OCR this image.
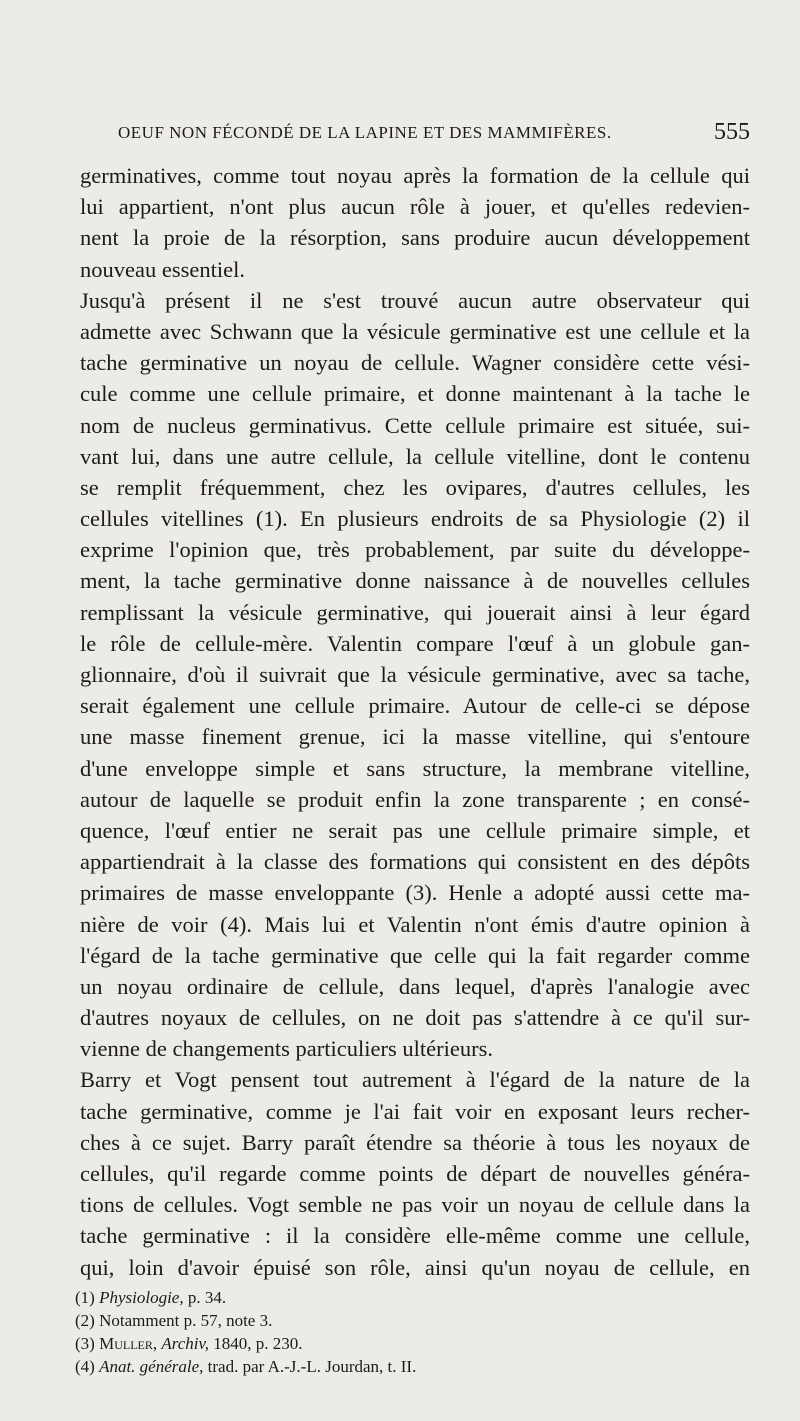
OEUF NON FÉCONDÉ DE LA LAPINE ET DES MAMMIFÈRES.	555
germinatives, comme tout noyau après la formation de la cellule qui
lui appartient, n'ont plus aucun rôle à jouer, et qu'elles redevien-
nent la proie de la résorption, sans produire aucun développement
nouveau essentiel.
Jusqu'à présent il ne s'est trouvé aucun autre observateur qui
admette avec Schwann que la vésicule germinative est une cellule et la
tache germinative un noyau de cellule. Wagner considère cette vési-
cule comme une cellule primaire, et donne maintenant à la tache le
nom de nucleus germinativus. Cette cellule primaire est située, sui-
vant lui, dans une autre cellule, la cellule vitelline, dont le contenu
se remplit fréquemment, chez les ovipares, d'autres cellules, les
cellules vitellines (1). En plusieurs endroits de sa Physiologie (2) il
exprime l'opinion que, très probablement, par suite du développe-
ment, la tache germinative donne naissance à de nouvelles cellules
remplissant la vésicule germinative, qui jouerait ainsi à leur égard
le rôle de cellule-mère. Valentin compare l'œuf à un globule gan-
glionnaire, d'où il suivrait que la vésicule germinative, avec sa tache,
serait également une cellule primaire. Autour de celle-ci se dépose
une masse finement grenue, ici la masse vitelline, qui s'entoure
d'une enveloppe simple et sans structure, la membrane vitelline,
autour de laquelle se produit enfin la zone transparente ; en consé-
quence, l'œuf entier ne serait pas une cellule primaire simple, et
appartiendrait à la classe des formations qui consistent en des dépôts
primaires de masse enveloppante (3). Henle a adopté aussi cette ma-
nière de voir (4). Mais lui et Valentin n'ont émis d'autre opinion à
l'égard de la tache germinative que celle qui la fait regarder comme
un noyau ordinaire de cellule, dans lequel, d'après l'analogie avec
d'autres noyaux de cellules, on ne doit pas s'attendre à ce qu'il sur-
vienne de changements particuliers ultérieurs.
Barry et Vogt pensent tout autrement à l'égard de la nature de la
tache germinative, comme je l'ai fait voir en exposant leurs recher-
ches à ce sujet. Barry paraît étendre sa théorie à tous les noyaux de
cellules, qu'il regarde comme points de départ de nouvelles généra-
tions de cellules. Vogt semble ne pas voir un noyau de cellule dans la
tache germinative : il la considère elle-même comme une cellule,
qui, loin d'avoir épuisé son rôle, ainsi qu'un noyau de cellule, en
(1) Physiologie, p. 34.
(2) Notamment p. 57, note 3.
(3) Muller, Archiv, 1840, p. 230.
(4) Anat. générale, trad. par A.-J.-L. Jourdan, t. II.
